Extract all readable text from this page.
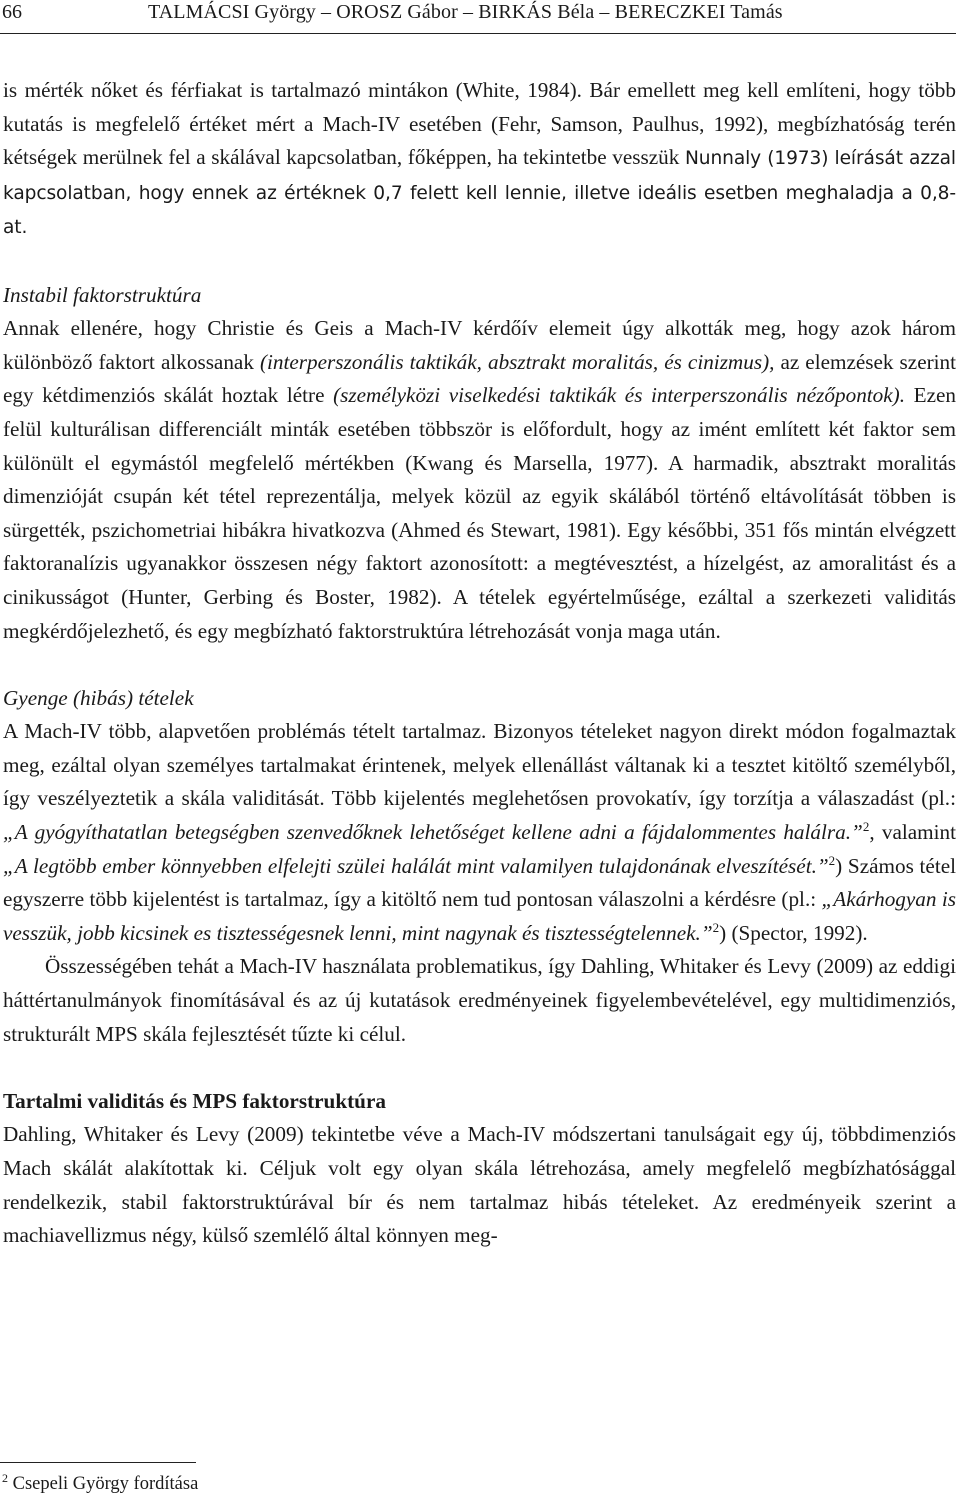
66	TALMÁCSI György – OROSZ Gábor – BIRKÁS Béla – BERECZKEI Tamás

is mérték nőket és férfiakat is tartalmazó mintákon (White, 1984). Bár emellett meg kell említeni, hogy több kutatás is megfelelő értéket mért a Mach-IV esetében (Fehr, Samson, Paulhus, 1992), megbízhatóság terén kétségek merülnek fel a skálával kapcsolatban, főképpen, ha tekintetbe vesszük Nunnaly (1973) leírását azzal kapcsolatban, hogy ennek az értéknek 0,7 felett kell lennie, illetve ideális esetben meghaladja a 0,8-at.

Instabil faktorstruktúra

Annak ellenére, hogy Christie és Geis a Mach-IV kérdőív elemeit úgy alkották meg, hogy azok három különböző faktort alkossanak (interperszonális taktikák, absztrakt moralitás, és cinizmus), az elemzések szerint egy kétdimenziós skálát hoztak létre (személyközi viselkedési taktikák és interperszonális nézőpontok). Ezen felül kulturálisan differenciált minták esetében többször is előfordult, hogy az imént említett két faktor sem különült el egymástól megfelelő mértékben (Kwang és Marsella, 1977). A harmadik, absztrakt moralitás dimenzióját csupán két tétel reprezentálja, melyek közül az egyik skálából történő eltávolítását többen is sürgették, pszichometriai hibákra hivatkozva (Ahmed és Stewart, 1981). Egy későbbi, 351 fős mintán elvégzett faktoranalízis ugyanakkor összesen négy faktort azonosított: a megtévesztést, a hízelgést, az amoralitást és a cinikusságot (Hunter, Gerbing és Boster, 1982). A tételek egyértelműsége, ezáltal a szerkezeti validitás megkérdőjelezhető, és egy megbízható faktorstruktúra létrehozását vonja maga után.

Gyenge (hibás) tételek

A Mach-IV több, alapvetően problémás tételt tartalmaz. Bizonyos tételeket nagyon direkt módon fogalmaztak meg, ezáltal olyan személyes tartalmakat érintenek, melyek ellenállást váltanak ki a tesztet kitöltő személyből, így veszélyeztetik a skála validitását. Több kijelentés meglehetősen provokatív, így torzítja a válaszadást (pl.: „A gyógyíthatatlan betegségben szenvedőknek lehetőséget kellene adni a fájdalommentes halálra.”$^2$, valamint „A legtöbb ember könnyebben elfelejti szülei halálát mint valamilyen tulajdonának elveszítését.”$^2$) Számos tétel egyszerre több kijelentést is tartalmaz, így a kitöltő nem tud pontosan válaszolni a kérdésre (pl.: „Akárhogyan is vesszük, jobb kicsinek es tisztességesnek lenni, mint nagynak és tisztességtelennek.”$^2$) (Spector, 1992).

Összességében tehát a Mach-IV használata problematikus, így Dahling, Whitaker és Levy (2009) az eddigi háttértanulmányok finomításával és az új kutatások eredményeinek figyelembevételével, egy multidimenziós, strukturált MPS skála fejlesztését tűzte ki célul.

Tartalmi validitás és MPS faktorstruktúra

Dahling, Whitaker és Levy (2009) tekintetbe véve a Mach-IV módszertani tanulságait egy új, többdimenziós Mach skálát alakítottak ki. Céljuk volt egy olyan skála létrehozása, amely megfelelő megbízhatósággal rendelkezik, stabil faktorstruktúrával bír és nem tartalmaz hibás tételeket. Az eredményeik szerint a machiavellizmus négy, külső szemlélő által könnyen meg-

$^2$ Csepeli György fordítása
